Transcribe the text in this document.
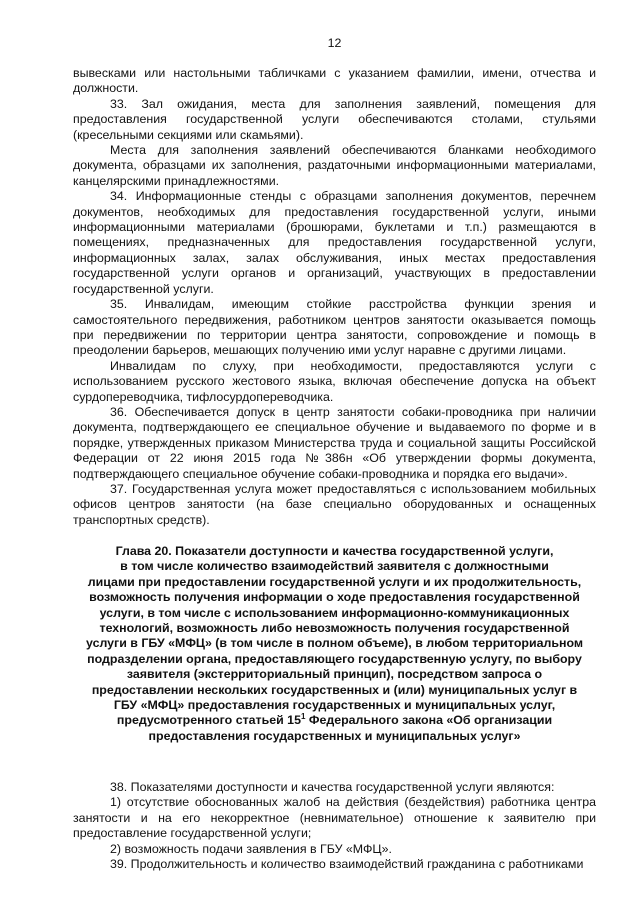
12

вывесками или настольными табличками с указанием фамилии, имени, отчества и должности.

33. Зал ожидания, места для заполнения заявлений, помещения для предоставления государственной услуги обеспечиваются столами, стульями (кресельными секциями или скамьями).

Места для заполнения заявлений обеспечиваются бланками необходимого документа, образцами их заполнения, раздаточными информационными материалами, канцелярскими принадлежностями.

34. Информационные стенды с образцами заполнения документов, перечнем документов, необходимых для предоставления государственной услуги, иными информационными материалами (брошюрами, буклетами и т.п.) размещаются в помещениях, предназначенных для предоставления государственной услуги, информационных залах, залах обслуживания, иных местах предоставления государственной услуги органов и организаций, участвующих в предоставлении государственной услуги.

35. Инвалидам, имеющим стойкие расстройства функции зрения и самостоятельного передвижения, работником центров занятости оказывается помощь при передвижении по территории центра занятости, сопровождение и помощь в преодолении барьеров, мешающих получению ими услуг наравне с другими лицами.

Инвалидам по слуху, при необходимости, предоставляются услуги с использованием русского жестового языка, включая обеспечение допуска на объект сурдопереводчика, тифлосурдопереводчика.

36. Обеспечивается допуск в центр занятости собаки-проводника при наличии документа, подтверждающего ее специальное обучение и выдаваемого по форме и в порядке, утвержденных приказом Министерства труда и социальной защиты Российской Федерации от 22 июня 2015 года №386н «Об утверждении формы документа, подтверждающего специальное обучение собаки-проводника и порядка его выдачи».

37. Государственная услуга может предоставляться с использованием мобильных офисов центров занятости (на базе специально оборудованных и оснащенных транспортных средств).

Глава 20. Показатели доступности и качества государственной услуги,
в том числе количество взаимодействий заявителя с должностными
лицами при предоставлении государственной услуги и их продолжительность,
возможность получения информации о ходе предоставления государственной
услуги, в том числе с использованием информационно-коммуникационных
технологий, возможность либо невозможность получения государственной
услуги в ГБУ «МФЦ» (в том числе в полном объеме), в любом территориальном
подразделении органа, предоставляющего государственную услугу, по выбору
заявителя (экстерриториальный принцип), посредством запроса о
предоставлении нескольких государственных и (или) муниципальных услуг в
ГБУ «МФЦ» предоставления государственных и муниципальных услуг,
предусмотренного статьей $15^1$ Федерального закона «Об организации
предоставления государственных и муниципальных услуг»

38. Показателями доступности и качества государственной услуги являются:

1) отсутствие обоснованных жалоб на действия (бездействия) работника центра занятости и на его некорректное (невнимательное) отношение к заявителю при предоставление государственной услуги;

2) возможность подачи заявления в ГБУ «МФЦ».

39. Продолжительность и количество взаимодействий гражданина с работниками
